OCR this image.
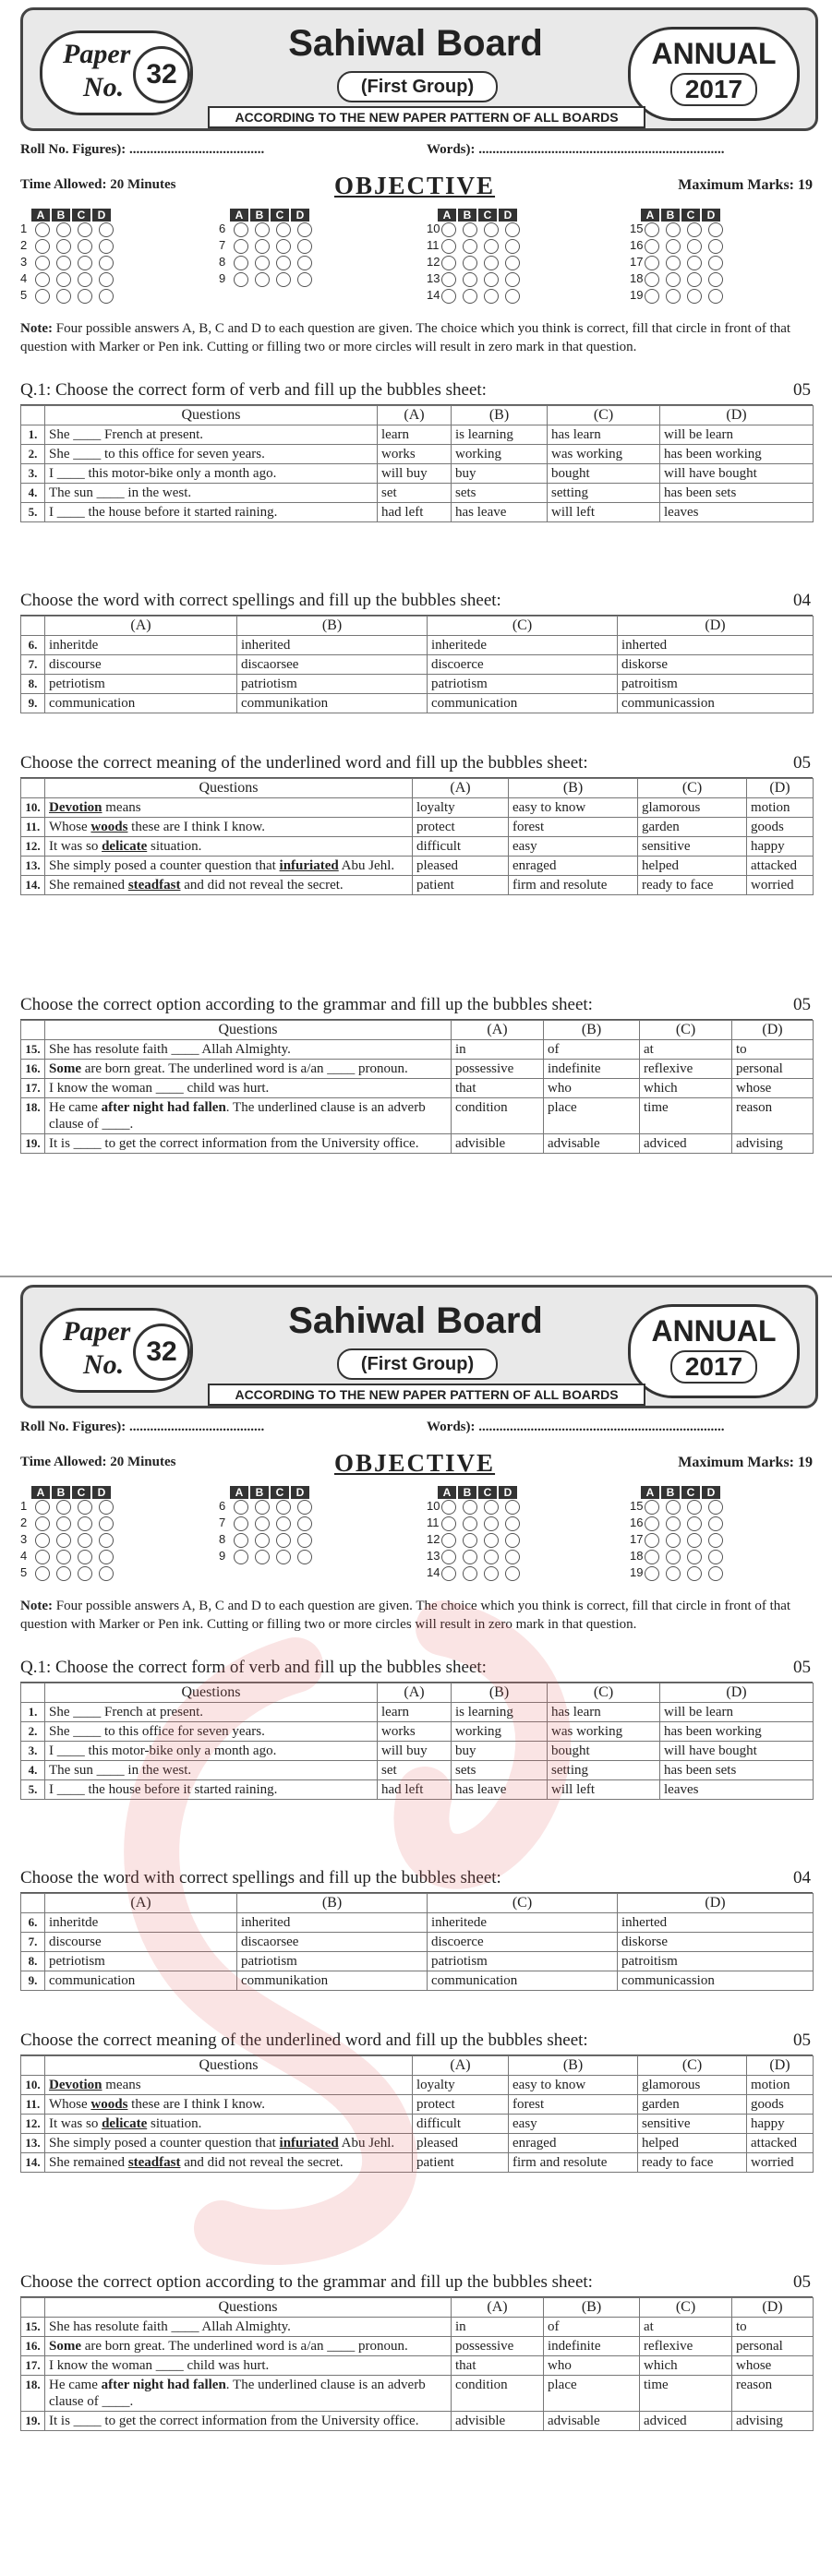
Paper
No. 32
Sahiwal Board
(First Group)
ANNUAL
2017
ACCORDING TO THE NEW PAPER PATTERN OF ALL BOARDS
Roll No. Figures): .......................................	Words): .......................................................................
Time Allowed: 20 Minutes	OBJECTIVE	Maximum Marks: 19
A B C D
1
2
3
4
5
A B C D
6
7
8
9
A B C D
10
11
12
13
14
A B C D
15
16
17
18
19
Note: Four possible answers A, B, C and D to each question are given. The choice which you think is correct, fill that circle in front of that question with Marker or Pen ink. Cutting or filling two or more circles will result in zero mark in that question.
Q.1: Choose the correct form of verb and fill up the bubbles sheet:	05
	Questions	(A)	(B)	(C)	(D)
1.	She ____ French at present.	learn	is learning	has learn	will be learn
2.	She ____ to this office for seven years.	works	working	was working	has been working
3.	I ____ this motor-bike only a month ago.	will buy	buy	bought	will have bought
4.	The sun ____ in the west.	set	sets	setting	has been sets
5.	I ____ the house before it started raining.	had left	has leave	will left	leaves
Choose the word with correct spellings and fill up the bubbles sheet:	04
	(A)	(B)	(C)	(D)
6.	inheritde	inherited	inheritede	inherted
7.	discourse	discaorsee	discoerce	diskorse
8.	petriotism	patriotism	patriotism	patroitism
9.	communication	communikation	communication	communicassion
Choose the correct meaning of the underlined word and fill up the bubbles sheet:	05
	Questions	(A)	(B)	(C)	(D)
10.	Devotion means	loyalty	easy to know	glamorous	motion
11.	Whose woods these are I think I know.	protect	forest	garden	goods
12.	It was so delicate situation.	difficult	easy	sensitive	happy
13.	She simply posed a counter question that infuriated Abu Jehl.	pleased	enraged	helped	attacked
14.	She remained steadfast and did not reveal the secret.	patient	firm and resolute	ready to face	worried
Choose the correct option according to the grammar and fill up the bubbles sheet:	05
	Questions	(A)	(B)	(C)	(D)
15.	She has resolute faith ____ Allah Almighty.	in	of	at	to
16.	Some are born great. The underlined word is a/an ____ pronoun.	possessive	indefinite	reflexive	personal
17.	I know the woman ____ child was hurt.	that	who	which	whose
18.	He came after night had fallen. The underlined clause is an adverb clause of ____.	condition	place	time	reason
19.	It is ____ to get the correct information from the University office.	advisible	advisable	adviced	advising
Paper
No. 32
Sahiwal Board
(First Group)
ANNUAL
2017
ACCORDING TO THE NEW PAPER PATTERN OF ALL BOARDS
Roll No. Figures): .......................................	Words): .......................................................................
Time Allowed: 20 Minutes	OBJECTIVE	Maximum Marks: 19
A B C D
1
2
3
4
5
A B C D
6
7
8
9
A B C D
10
11
12
13
14
A B C D
15
16
17
18
19
Note: Four possible answers A, B, C and D to each question are given. The choice which you think is correct, fill that circle in front of that question with Marker or Pen ink. Cutting or filling two or more circles will result in zero mark in that question.
Q.1: Choose the correct form of verb and fill up the bubbles sheet:	05
	Questions	(A)	(B)	(C)	(D)
1.	She ____ French at present.	learn	is learning	has learn	will be learn
2.	She ____ to this office for seven years.	works	working	was working	has been working
3.	I ____ this motor-bike only a month ago.	will buy	buy	bought	will have bought
4.	The sun ____ in the west.	set	sets	setting	has been sets
5.	I ____ the house before it started raining.	had left	has leave	will left	leaves
Choose the word with correct spellings and fill up the bubbles sheet:	04
	(A)	(B)	(C)	(D)
6.	inheritde	inherited	inheritede	inherted
7.	discourse	discaorsee	discoerce	diskorse
8.	petriotism	patriotism	patriotism	patroitism
9.	communication	communikation	communication	communicassion
Choose the correct meaning of the underlined word and fill up the bubbles sheet:	05
	Questions	(A)	(B)	(C)	(D)
10.	Devotion means	loyalty	easy to know	glamorous	motion
11.	Whose woods these are I think I know.	protect	forest	garden	goods
12.	It was so delicate situation.	difficult	easy	sensitive	happy
13.	She simply posed a counter question that infuriated Abu Jehl.	pleased	enraged	helped	attacked
14.	She remained steadfast and did not reveal the secret.	patient	firm and resolute	ready to face	worried
Choose the correct option according to the grammar and fill up the bubbles sheet:	05
	Questions	(A)	(B)	(C)	(D)
15.	She has resolute faith ____ Allah Almighty.	in	of	at	to
16.	Some are born great. The underlined word is a/an ____ pronoun.	possessive	indefinite	reflexive	personal
17.	I know the woman ____ child was hurt.	that	who	which	whose
18.	He came after night had fallen. The underlined clause is an adverb clause of ____.	condition	place	time	reason
19.	It is ____ to get the correct information from the University office.	advisible	advisable	adviced	advising
